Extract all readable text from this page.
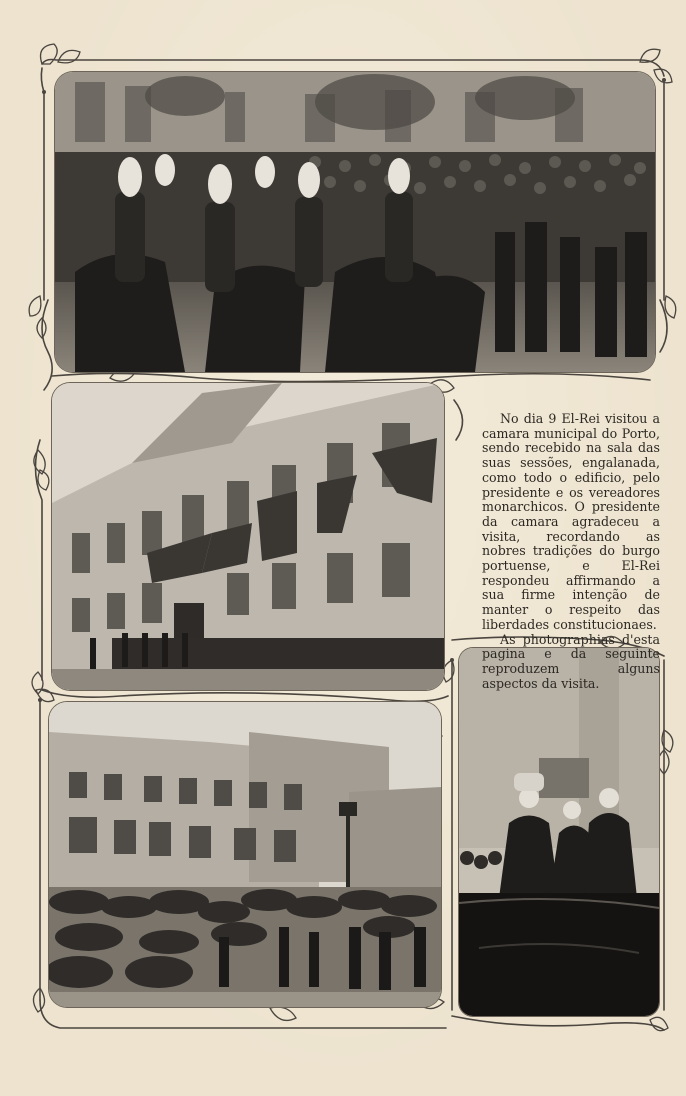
No dia 9 El-Rei visitou a camara municipal do Porto, sendo recebido na sala das suas sessões, engalanada, como todo o edificio, pelo presidente e os vereadores monarchicos. O presidente da camara agradeceu a visita, recordando as nobres tradições do burgo portuense, e El-Rei respondeu affirmando a sua firme intenção de manter o respeito das liberdades constitucionaes.

As photographias d'esta pagina e da seguinte reproduzem alguns aspectos da visita.
